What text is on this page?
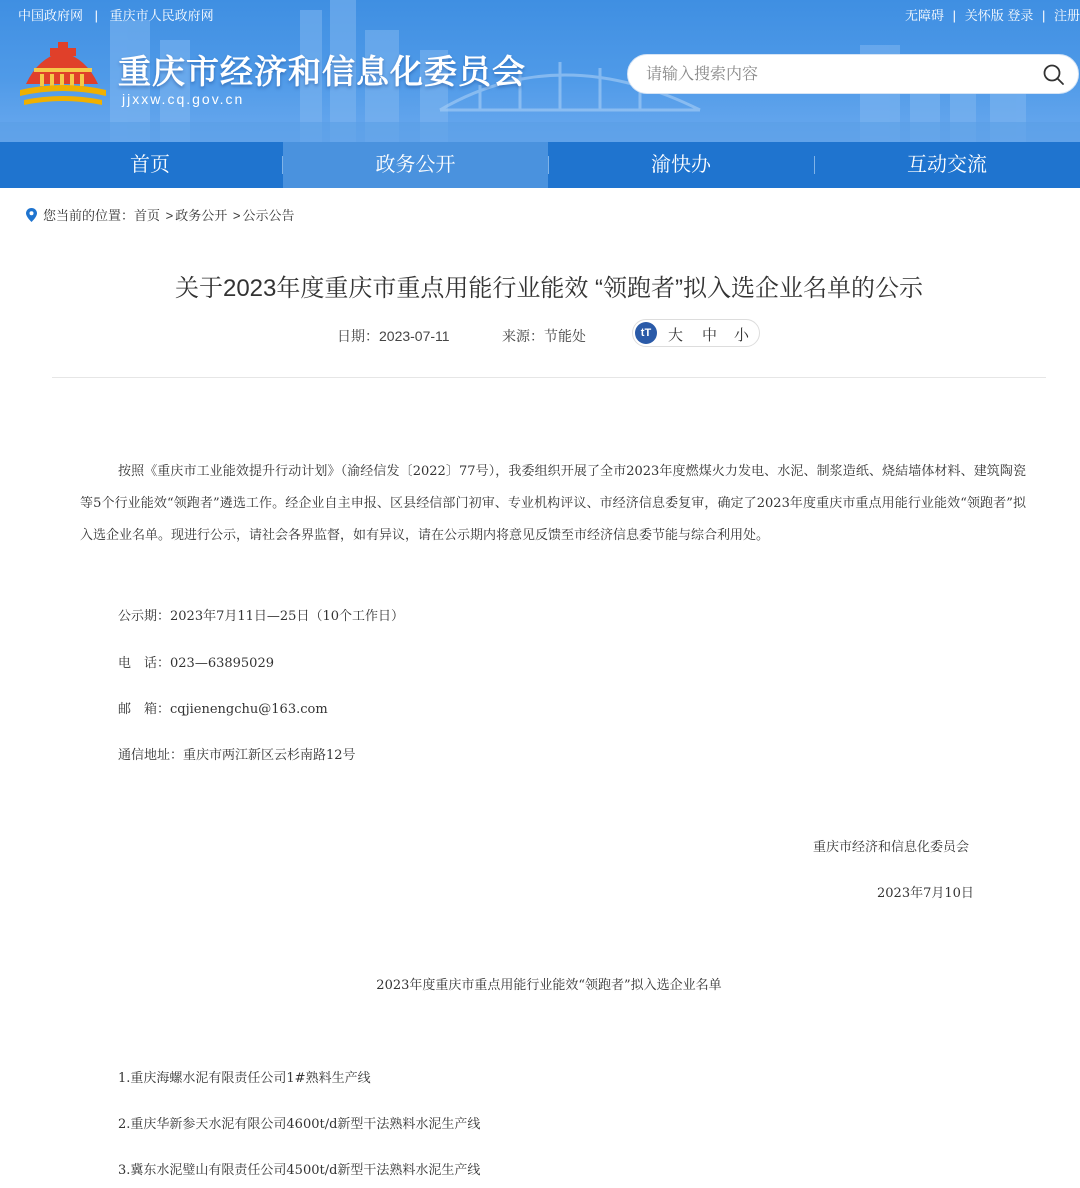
中国政府网 | 重庆市人民政府网	无障碍 | 关怀版 登录 | 注册
重庆市经济和信息化委员会
jjxxw.cq.gov.cn
请输入搜索内容
首页	政务公开	渝快办	互动交流
您当前的位置：首页 > 政务公开 > 公示公告
关于2023年度重庆市重点用能行业能效 “领跑者”拟入选企业名单的公示
日期：2023-07-11	来源：节能处	tT	大 中 小
按照《重庆市工业能效提升行动计划》（渝经信发〔2022〕77号），我委组织开展了全市2023年度燃煤火力发电、水泥、制浆造纸、烧結墙体材料、建筑陶瓷等5个行业能效“领跑者”遴选工作。经企业自主申报、区县经信部门初审、专业机构评议、市经济信息委复审，确定了2023年度重庆市重点用能行业能效“领跑者”拟入选企业名单。现进行公示，请社会各界监督，如有异议，请在公示期内将意见反馈至市经济信息委节能与综合利用处。
公示期：2023年7月11日—25日（10个工作日）
电　话：023—63895029
邮　箱：cqjienengchu@163.com
通信地址：重庆市两江新区云杉南路12号
重庆市经济和信息化委员会
2023年7月10日
2023年度重庆市重点用能行业能效“领跑者”拟入选企业名单
1.重庆海螺水泥有限责任公司1#熟料生产线
2.重庆华新参天水泥有限公司4600t/d新型干法熟料水泥生产线
3.冀东水泥璧山有限责任公司4500t/d新型干法熟料水泥生产线
